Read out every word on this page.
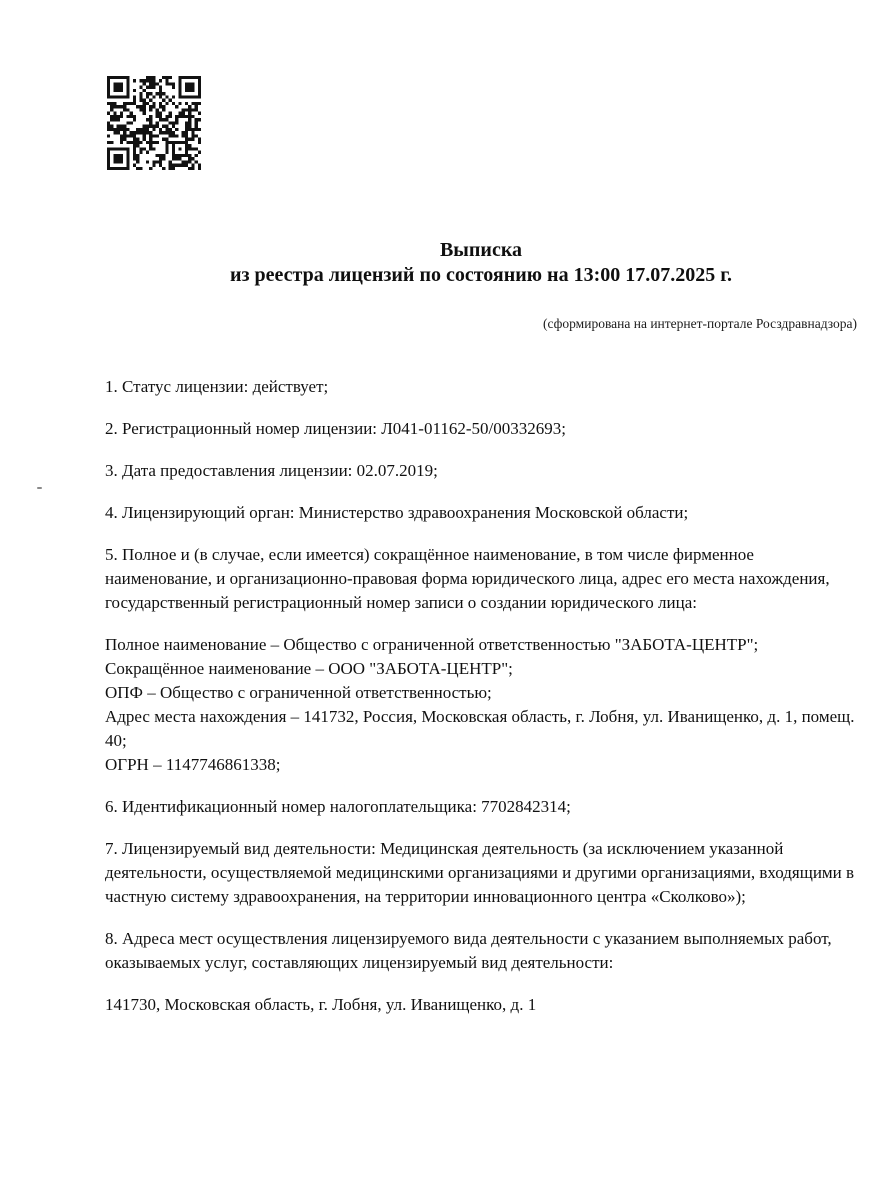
Выписка
из реестра лицензий по состоянию на 13:00 17.07.2025 г.
(сформирована на интернет-портале Росздравнадзора)

1. Статус лицензии: действует;

2. Регистрационный номер лицензии: Л041-01162-50/00332693;

3. Дата предоставления лицензии: 02.07.2019;

4. Лицензирующий орган: Министерство здравоохранения Московской области;

5. Полное и (в случае, если имеется) сокращённое наименование, в том числе фирменное наименование, и организационно-правовая форма юридического лица, адрес его места нахождения, государственный регистрационный номер записи о создании юридического лица:

Полное наименование – Общество с ограниченной ответственностью "ЗАБОТА-ЦЕНТР";
Сокращённое наименование – ООО "ЗАБОТА-ЦЕНТР";
ОПФ – Общество с ограниченной ответственностью;
Адрес места нахождения – 141732, Россия, Московская область, г. Лобня, ул. Иванищенко, д. 1, помещ. 40;
ОГРН – 1147746861338;

6. Идентификационный номер налогоплательщика: 7702842314;

7. Лицензируемый вид деятельности: Медицинская деятельность (за исключением указанной деятельности, осуществляемой медицинскими организациями и другими организациями, входящими в частную систему здравоохранения, на территории инновационного центра «Сколково»);

8. Адреса мест осуществления лицензируемого вида деятельности с указанием выполняемых работ, оказываемых услуг, составляющих лицензируемый вид деятельности:

141730, Московская область, г. Лобня, ул. Иванищенко, д. 1
